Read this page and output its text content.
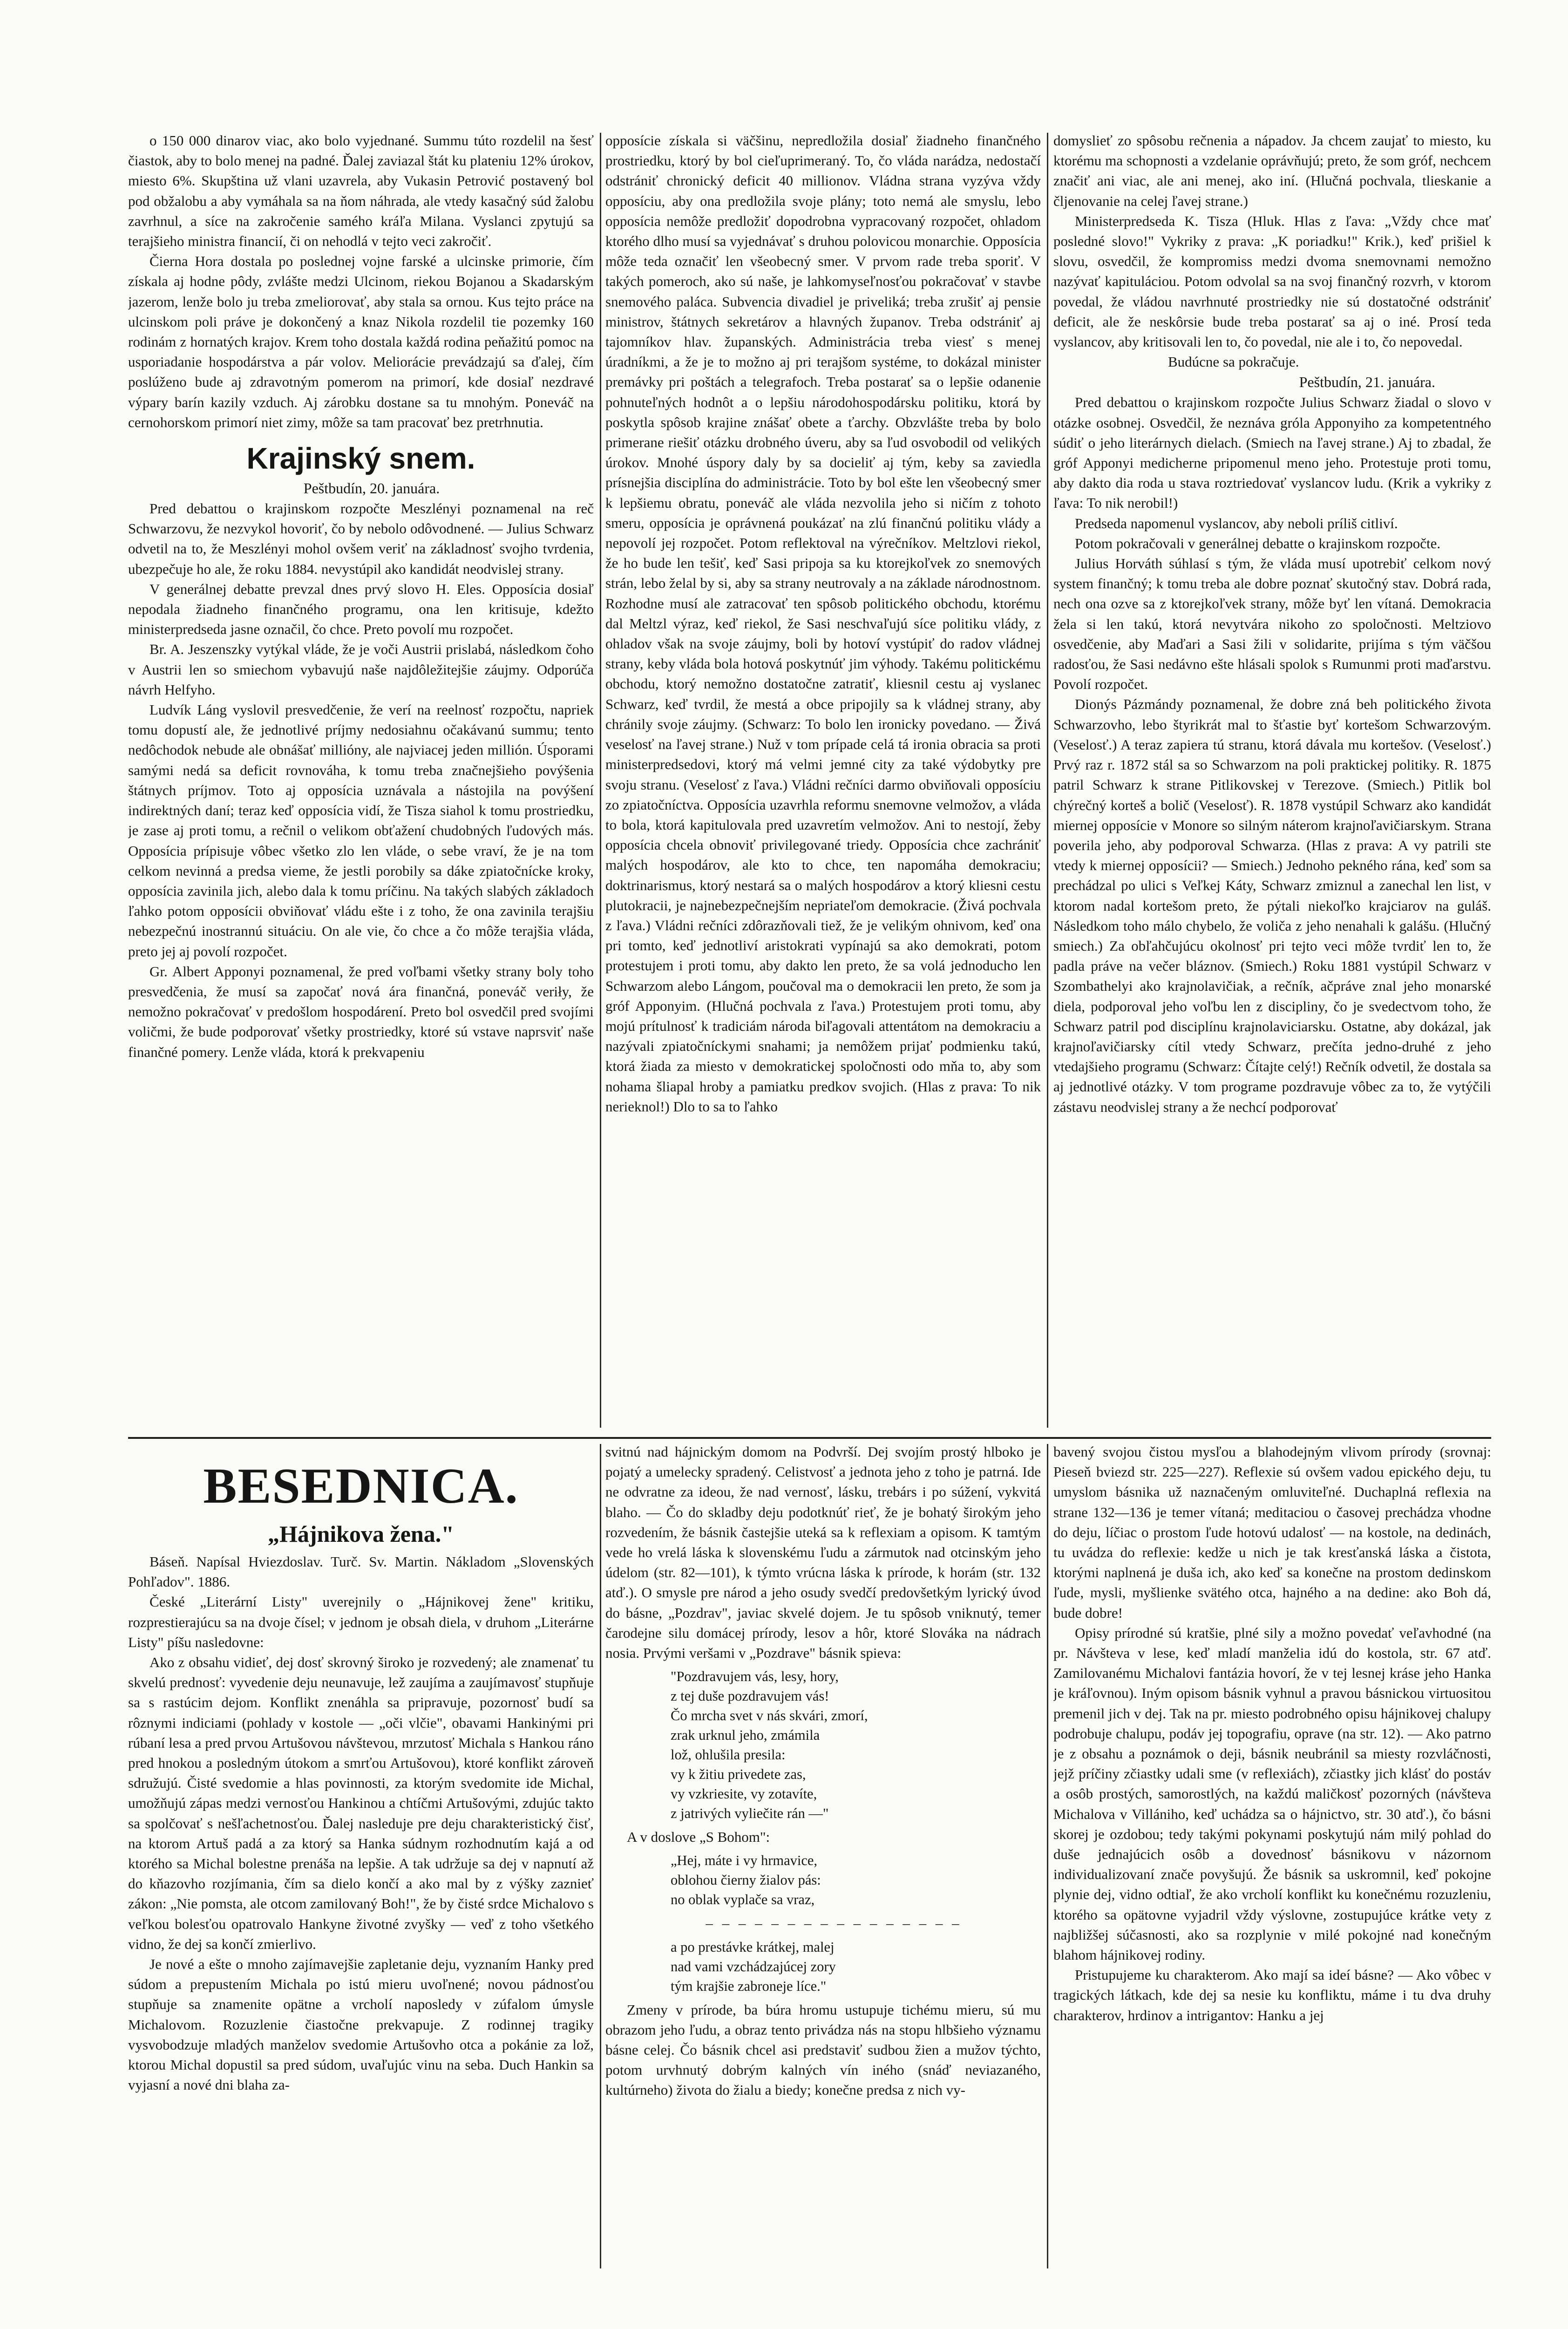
o 150 000 dinarov viac, ako bolo vyjednané. Summu túto rozdelil na šesť čiastok, aby to bolo menej na padné. Ďalej zaviazal štát ku plateniu 12% úrokov, miesto 6%. Skupština už vlani uzavrela, aby Vukasin Petrović postavený bol pod obžalobu a aby vymáhala sa na ňom náhrada, ale vtedy kasačný súd žalobu zavrhnul, a síce na zakročenie samého kráľa Milana. Vyslanci zpytujú sa terajšieho ministra financií, či on nehodlá v tejto veci zakročiť.

Čierna Hora dostala po poslednej vojne farské a ulcinske primorie, čím získala aj hodne pôdy, zvlášte medzi Ulcinom, riekou Bojanou a Skadarským jazerom, lenže bolo ju treba zmeliorovať, aby stala sa ornou. Kus tejto práce na ulcinskom poli práve je dokončený a knaz Nikola rozdelil tie pozemky 160 rodinám z hornatých krajov. Krem toho dostala každá rodina peňažitú pomoc na usporiadanie hospodárstva a pár volov. Meliorácie prevádzajú sa ďalej, čím poslúženo bude aj zdravotným pomerom na primorí, kde dosiaľ nezdravé výpary barín kazily vzduch. Aj zárobku dostane sa tu mnohým. Poneváč na cernohorskom primorí niet zimy, môže sa tam pracovať bez pretrhnutia.

Krajinský snem.

Peštbudín, 20. januára.

Pred debattou o krajinskom rozpočte Meszlényi poznamenal na reč Schwarzovu, že nezvykol hovoriť, čo by nebolo odôvodnené. — Julius Schwarz odvetil na to, že Meszlényi mohol ovšem veriť na základnosť svojho tvrdenia, ubezpečuje ho ale, že roku 1884. nevystúpil ako kandidát neodvislej strany.

V generálnej debatte prevzal dnes prvý slovo H. Eles. Opposícia dosiaľ nepodala žiadneho finančného programu, ona len kritisuje, kdežto ministerpredseda jasne označil, čo chce. Preto povolí mu rozpočet.

Br. A. Jeszenszky vytýkal vláde, že je voči Austrii prislabá, následkom čoho v Austrii len so smiechom vybavujú naše najdôležitejšie záujmy. Odporúča návrh Helfyho.

Ludvík Láng vyslovil presvedčenie, že verí na reelnosť rozpočtu, napriek tomu dopustí ale, že jednotlivé príjmy nedosiahnu očakávanú summu; tento nedôchodok nebude ale obnášať millióny, ale najviacej jeden millión. Úsporami samými nedá sa deficit rovnováha, k tomu treba značnejšieho povýšenia štátnych príjmov. Toto aj opposícia uznávala a nástojila na povýšení indirektných daní; teraz keď opposícia vidí, že Tisza siahol k tomu prostriedku, je zase aj proti tomu, a rečnil o velikom obťažení chudobných ľudových más. Opposícia prípisuje vôbec všetko zlo len vláde, o sebe vraví, že je na tom celkom nevinná a predsa vieme, že jestli porobily sa dáke zpiatočnícke kroky, opposícia zavinila jich, alebo dala k tomu príčinu. Na takých slabých základoch ľahko potom opposícii obviňovať vládu ešte i z toho, že ona zavinila terajšiu nebezpečnú inostrannú situáciu. On ale vie, čo chce a čo môže terajšia vláda, preto jej aj povolí rozpočet.

Gr. Albert Apponyi poznamenal, že pred voľbami všetky strany boly toho presvedčenia, že musí sa započať nová ára finančná, poneváč veriły, že nemožno pokračovať v predošlom hospodárení. Preto bol osvedčil pred svojími voličmi, že bude podporovať všetky prostriedky, ktoré sú vstave naprsviť naše finančné pomery. Lenže vláda, ktorá k prekvapeniu

opposície získala si väčšinu, nepredložila dosiaľ žiadneho finančného prostriedku, ktorý by bol cieľuprimeraný. To, čo vláda narádza, nedostačí odstrániť chronický deficit 40 millionov. Vládna strana vyzýva vždy opposíciu, aby ona predložila svoje plány; toto nemá ale smyslu, lebo opposícia nemôže predložiť dopodrobna vypracovaný rozpočet, ohladom ktorého dlho musí sa vyjednávať s druhou polovicou monarchie. Opposícia môže teda označiť len všeobecný smer. V prvom rade treba sporiť. V takých pomeroch, ako sú naše, je lahkomyseľnosťou pokračovať v stavbe snemového paláca. Subvencia divadiel je priveliká; treba zrušiť aj pensie ministrov, štátnych sekretárov a hlavných županov. Treba odstrániť aj tajomníkov hlav. županských. Administrácia treba viesť s menej úradníkmi, a že je to možno aj pri terajšom systéme, to dokázal minister premávky pri poštách a telegrafoch. Treba postarať sa o lepšie odanenie pohnuteľných hodnôt a o lepšiu národohospodársku politiku, ktorá by poskytla spôsob krajine znášať obete a ťarchy. Obzvlášte treba by bolo primerane riešiť otázku drobného úveru, aby sa ľud osvobodil od velikých úrokov. Mnohé úspory daly by sa docieliť aj tým, keby sa zaviedla prísnejšia disciplína do administrácie. Toto by bol ešte len všeobecný smer k lepšiemu obratu, poneváč ale vláda nezvolila jeho si ničím z tohoto smeru, opposícia je oprávnená poukázať na zlú finančnú politiku vlády a nepovolí jej rozpočet. Potom reflektoval na výrečníkov. Meltzlovi riekol, že ho bude len tešiť, keď Sasi pripoja sa ku ktorejkoľvek zo snemových strán, lebo želal by si, aby sa strany neutrovaly a na základe národnostnom. Rozhodne musí ale zatracovať ten spôsob politického obchodu, ktorému dal Meltzl výraz, keď riekol, že Sasi neschvaľujú síce politiku vlády, z ohladov však na svoje záujmy, boli by hotoví vystúpiť do radov vládnej strany, keby vláda bola hotová poskytnúť jim výhody. Takému politickému obchodu, ktorý nemožno dostatočne zatratiť, kliesnil cestu aj vyslanec Schwarz, keď tvrdil, že mestá a obce pripojily sa k vládnej strany, aby chránily svoje záujmy. (Schwarz: To bolo len ironicky povedano. — Živá veselosť na ľavej strane.) Nuž v tom prípade celá tá ironia obracia sa proti ministerpredsedovi, ktorý má velmi jemné city za také výdobytky pre svoju stranu. (Veselosť z ľava.) Vládni rečníci darmo obviňovali opposíciu zo zpiatočníctva. Opposícia uzavrhla reformu snemovne velmožov, a vláda to bola, ktorá kapitulovala pred uzavretím velmožov. Ani to nestojí, žeby opposícia chcela obnoviť privilegované triedy. Opposícia chce zachrániť malých hospodárov, ale kto to chce, ten napomáha demokraciu; doktrinarismus, ktorý nestará sa o malých hospodárov a ktorý kliesni cestu plutokracii, je najnebezpečnejším nepriateľom demokracie. (Živá pochvala z ľava.) Vládni rečníci zdôrazňovali tiež, že je velikým ohnivom, keď ona pri tomto, keď jednotliví aristokrati vypínajú sa ako demokrati, potom protestujem i proti tomu, aby dakto len preto, že sa volá jednoducho len Schwarzom alebo Lángom, poučoval ma o demokracii len preto, že som ja gróf Apponyim. (Hlučná pochvala z ľava.) Protestujem proti tomu, aby mojú prítulnosť k tradiciám národa biľagovali attentátom na demokraciu a nazývali zpiatočníckymi snahami; ja nemôžem prijať podmienku takú, ktorá žiada za miesto v demokratickej spoločnosti odo mňa to, aby som nohama šliapal hroby a pamiatku predkov svojich. (Hlas z prava: To nik nerieknol!) Dlo to sa to ľahko

domyslieť zo spôsobu rečnenia a nápadov. Ja chcem zaujať to miesto, ku ktorému ma schopnosti a vzdelanie oprávňujú; preto, že som gróf, nechcem značiť ani viac, ale ani menej, ako iní. (Hlučná pochvala, tlieskanie a čljenovanie na celej ľavej strane.)

Ministerpredseda K. Tisza (Hluk. Hlas z ľava: „Vždy chce mať posledné slovo!" Vykriky z prava: „K poriadku!" Krik.), keď prišiel k slovu, osvedčil, že kompromiss medzi dvoma snemovnami nemožno nazývať kapituláciou. Potom odvolal sa na svoj finančný rozvrh, v ktorom povedal, že vládou navrhnuté prostriedky nie sú dostatočné odstrániť deficit, ale že neskôrsie bude treba postarať sa aj o iné. Prosí teda vyslancov, aby kritisovali len to, čo povedal, nie ale i to, čo nepovedal.

Budúcne sa pokračuje.

Peštbudín, 21. januára.

Pred debattou o krajinskom rozpočte Julius Schwarz žiadal o slovo v otázke osobnej. Osvedčil, že neznáva gróla Apponyiho za kompetentného súdiť o jeho literárnych dielach. (Smiech na ľavej strane.) Aj to zbadal, že gróf Apponyi medicherne pripomenul meno jeho. Protestuje proti tomu, aby dakto dia roda u stava roztriedovať vyslancov ludu. (Krik a vykriky z ľava: To nik nerobil!)

Predseda napomenul vyslancov, aby neboli príliš citliví.

Potom pokračovali v generálnej debatte o krajinskom rozpočte.

Julius Horváth súhlasí s tým, že vláda musí upotrebiť celkom nový system finančný; k tomu treba ale dobre poznať skutočný stav. Dobrá rada, nech ona ozve sa z ktorejkoľvek strany, môže byť len vítaná. Demokracia žela si len takú, ktorá nevytvára nikoho zo spoločnosti. Meltziovo osvedčenie, aby Maďari a Sasi žili v solidarite, prijíma s tým väčšou radosťou, že Sasi nedávno ešte hlásali spolok s Rumunmi proti maďarstvu. Povolí rozpočet.

Dionýs Pázmándy poznamenal, že dobre zná beh politického života Schwarzovho, lebo štyrikrát mal to šťastie byť kortešom Schwarzovým. (Veselosť.) A teraz zapiera tú stranu, ktorá dávala mu kortešov. (Veselosť.) Prvý raz r. 1872 stál sa so Schwarzom na poli praktickej politiky. R. 1875 patril Schwarz k strane Pitlikovskej v Terezove. (Smiech.) Pitlik bol chýrečný korteš a bolič (Veselosť). R. 1878 vystúpil Schwarz ako kandidát miernej opposície v Monore so silným náterom krajnoľavičiarskym. Strana poverila jeho, aby podporoval Schwarza. (Hlas z prava: A vy patrili ste vtedy k miernej opposícii? — Smiech.) Jednoho pekného rána, keď som sa prechádzal po ulici s Veľkej Káty, Schwarz zmiznul a zanechal len list, v ktorom nadal kortešom preto, že pýtali niekoľko krajciarov na guláš. Následkom toho málo chybelo, že voliča z jeho nenahali k galášu. (Hlučný smiech.) Za obľahčujúcu okolnosť pri tejto veci môže tvrdiť len to, že padla práve na večer bláznov. (Smiech.) Roku 1881 vystúpil Schwarz v Szombathelyi ako krajnolavičiak, a rečník, ačpráve znal jeho monarské diela, podporoval jeho voľbu len z discipliny, čo je svedectvom toho, že Schwarz patril pod disciplínu krajnolaviciarsku. Ostatne, aby dokázal, jak krajnoľavičiarsky cítil vtedy Schwarz, prečíta jedno-druhé z jeho vtedajšieho programu (Schwarz: Čítajte celý!) Rečník odvetil, že dostala sa aj jednotlivé otázky. V tom programe pozdravuje vôbec za to, že vytýčili zástavu neodvislej strany a že nechcí podporovať

BESEDNICA.
„Hájnikova žena."

Báseň. Napísal Hviezdoslav. Turč. Sv. Martin. Nákladom „Slovenských Pohľadov". 1886.

České „Literární Listy" uverejnily o „Hájnikovej žene" kritiku, rozprestierajúcu sa na dvoje čísel; v jednom je obsah diela, v druhom „Literárne Listy" píšu nasledovne:

Ako z obsahu vidieť, dej dosť skrovný široko je rozvedený; ale znamenať tu skvelú prednosť: vyvedenie deju neunavuje, lež zaujíma a zaujímavosť stupňuje sa s rastúcim dejom. Konflikt znenáhla sa pripravuje, pozornosť budí sa rôznymi indiciami (pohlady v kostole — „oči vlčie", obavami Hankinými pri rúbaní lesa a pred prvou Artušovou návštevou, mrzutosť Michala s Hankou ráno pred hnokou a posledným útokom a smrťou Artušovou), ktoré konflikt zároveň sdružujú. Čisté svedomie a hlas povinnosti, za ktorým svedomite ide Michal, umožňujú zápas medzi vernosťou Hankinou a chtíčmi Artušovými, zdujúc takto sa spolčovať s nešľachetnosťou. Ďalej nasleduje pre deju charakteristický čisť, na ktorom Artuš padá a za ktorý sa Hanka súdnym rozhodnutím kajá a od ktorého sa Michal bolestne prenáša na lepšie. A tak udržuje sa dej v napnutí až do kňazovho rozjímania, čím sa dielo končí a ako mal by z výšky zaznieť zákon: „Nie pomsta, ale otcom zamilovaný Boh!", že by čisté srdce Michalovo s veľkou bolesťou opatrovalo Hankyne životné zvyšky — veď z toho všetkého vidno, že dej sa končí zmierlivo.

Je nové a ešte o mnoho zajímavejšie zapletanie deju, vyznaním Hanky pred súdom a prepustením Michala po istú mieru uvoľnené; novou pádnosťou stupňuje sa znamenite opätne a vrcholí naposledy v zúfalom úmysle Michalovom. Rozuzlenie čiastočne prekvapuje. Z rodinnej tragiky vysvobodzuje mladých manželov svedomie Artušovho otca a pokánie za lož, ktorou Michal dopustil sa pred súdom, uvaľujúc vinu na seba. Duch Hankin sa vyjasní a nové dni blaha za-

svitnú nad hájnickým domom na Podvrší. Dej svojím prostý hlboko je pojatý a umelecky spradený. Celistvosť a jednota jeho z toho je patrná. Ide ne odvratne za ideou, že nad vernosť, lásku, trebárs i po súžení, vykvitá blaho. — Čo do skladby deju podotknúť rieť, že je bohatý širokým jeho rozvedením, že básnik častejšie uteká sa k reflexiam a opisom. K tamtým vede ho vrelá láska k slovenskému ľudu a zármutok nad otcinským jeho údelom (str. 82—101), k týmto vrúcna láska k prírode, k horám (str. 132 atď.). O smysle pre národ a jeho osudy svedčí predovšetkým lyrický úvod do básne, „Pozdrav", javiac skvelé dojem. Je tu spôsob vniknutý, temer čarodejne silu domácej prírody, lesov a hôr, ktoré Slováka na nádrach nosia. Prvými veršami v „Pozdrave" básnik spieva:

"Pozdravujem vás, lesy, hory,
z tej duše pozdravujem vás!
Čo mrcha svet v nás skvári, zmorí,
zrak urknul jeho, zmámila
lož, ohlušila presila:
vy k žitiu privedete zas,
vy vzkriesite, vy zotavíte,
z jatrivých vyliečite rán —"

A v doslove „S Bohom":

„Hej, máte i vy hrmavice,
oblohou čierny žialov pás:
no oblak vyplače sa vraz,

– – – – – – – – – – – – – – – –

a po prestávke krátkej, malej
nad vami vzchádzajúcej zory
tým krajšie zabroneje líce."

Zmeny v prírode, ba búra hromu ustupuje tichému mieru, sú mu obrazom jeho ľudu, a obraz tento privádza nás na stopu hlbšieho významu básne celej. Čo básnik chcel asi predstaviť sudbou žien a mužov týchto, potom urvhnutý dobrým kalných vín iného (snáď neviazaného, kultúrneho) života do žialu a biedy; konečne predsa z nich vy-

bavený svojou čistou mysľou a blahodejným vlivom prírody (srovnaj: Pieseň bviezd str. 225—227). Reflexie sú ovšem vadou epického deju, tu umyslom básnika už naznačeným omluviteľné. Duchaplná reflexia na strane 132—136 je temer vítaná; meditaciou o časovej prechádza vhodne do deju, líčiac o prostom ľude hotovú udalosť — na kostole, na dedinách, tu uvádza do reflexie: kedže u nich je tak kresťanská láska a čistota, ktorými naplnená je duša ich, ako keď sa konečne na prostom dedinskom ľude, mysli, myšlienke svätého otca, hajného a na dedine: ako Boh dá, bude dobre!

Opisy prírodné sú kratšie, plné sily a možno povedať veľavhodné (na pr. Návšteva v lese, keď mladí manželia idú do kostola, str. 67 atď. Zamilovanému Michalovi fantázia hovorí, že v tej lesnej kráse jeho Hanka je kráľovnou). Iným opisom básnik vyhnul a pravou básnickou virtuositou premenil jich v dej. Tak na pr. miesto podrobného opisu hájnikovej chalupy podrobuje chalupu, podáv jej topografiu, oprave (na str. 12). — Ako patrno je z obsahu a poznámok o deji, básnik neubránil sa miesty rozvláčnosti, jejž príčiny zčiastky udali sme (v reflexiách), zčiastky jich klásť do postáv a osôb prostých, samorostlých, na každú maličkosť pozorných (návšteva Michalova v Villániho, keď uchádza sa o hájnictvo, str. 30 atď.), čo básni skorej je ozdobou; tedy takými pokynami poskytujú nám milý pohlad do duše jednajúcich osôb a dovednosť básnikovu v názornom individualizovaní znače povyšujú. Že básnik sa uskromnil, keď pokojne plynie dej, vidno odtiaľ, že ako vrcholí konflikt ku konečnému rozuzleniu, ktorého sa opätovne vyjadril vždy výslovne, zostupujúce krátke vety z najbližšej súčasnosti, ako sa rozplynie v milé pokojné nad konečným blahom hájnikovej rodiny.

Pristupujeme ku charakterom. Ako mají sa ideí básne? — Ako vôbec v tragických látkach, kde dej sa nesie ku konfliktu, máme i tu dva druhy charakterov, hrdinov a intrigantov: Hanku a jej
